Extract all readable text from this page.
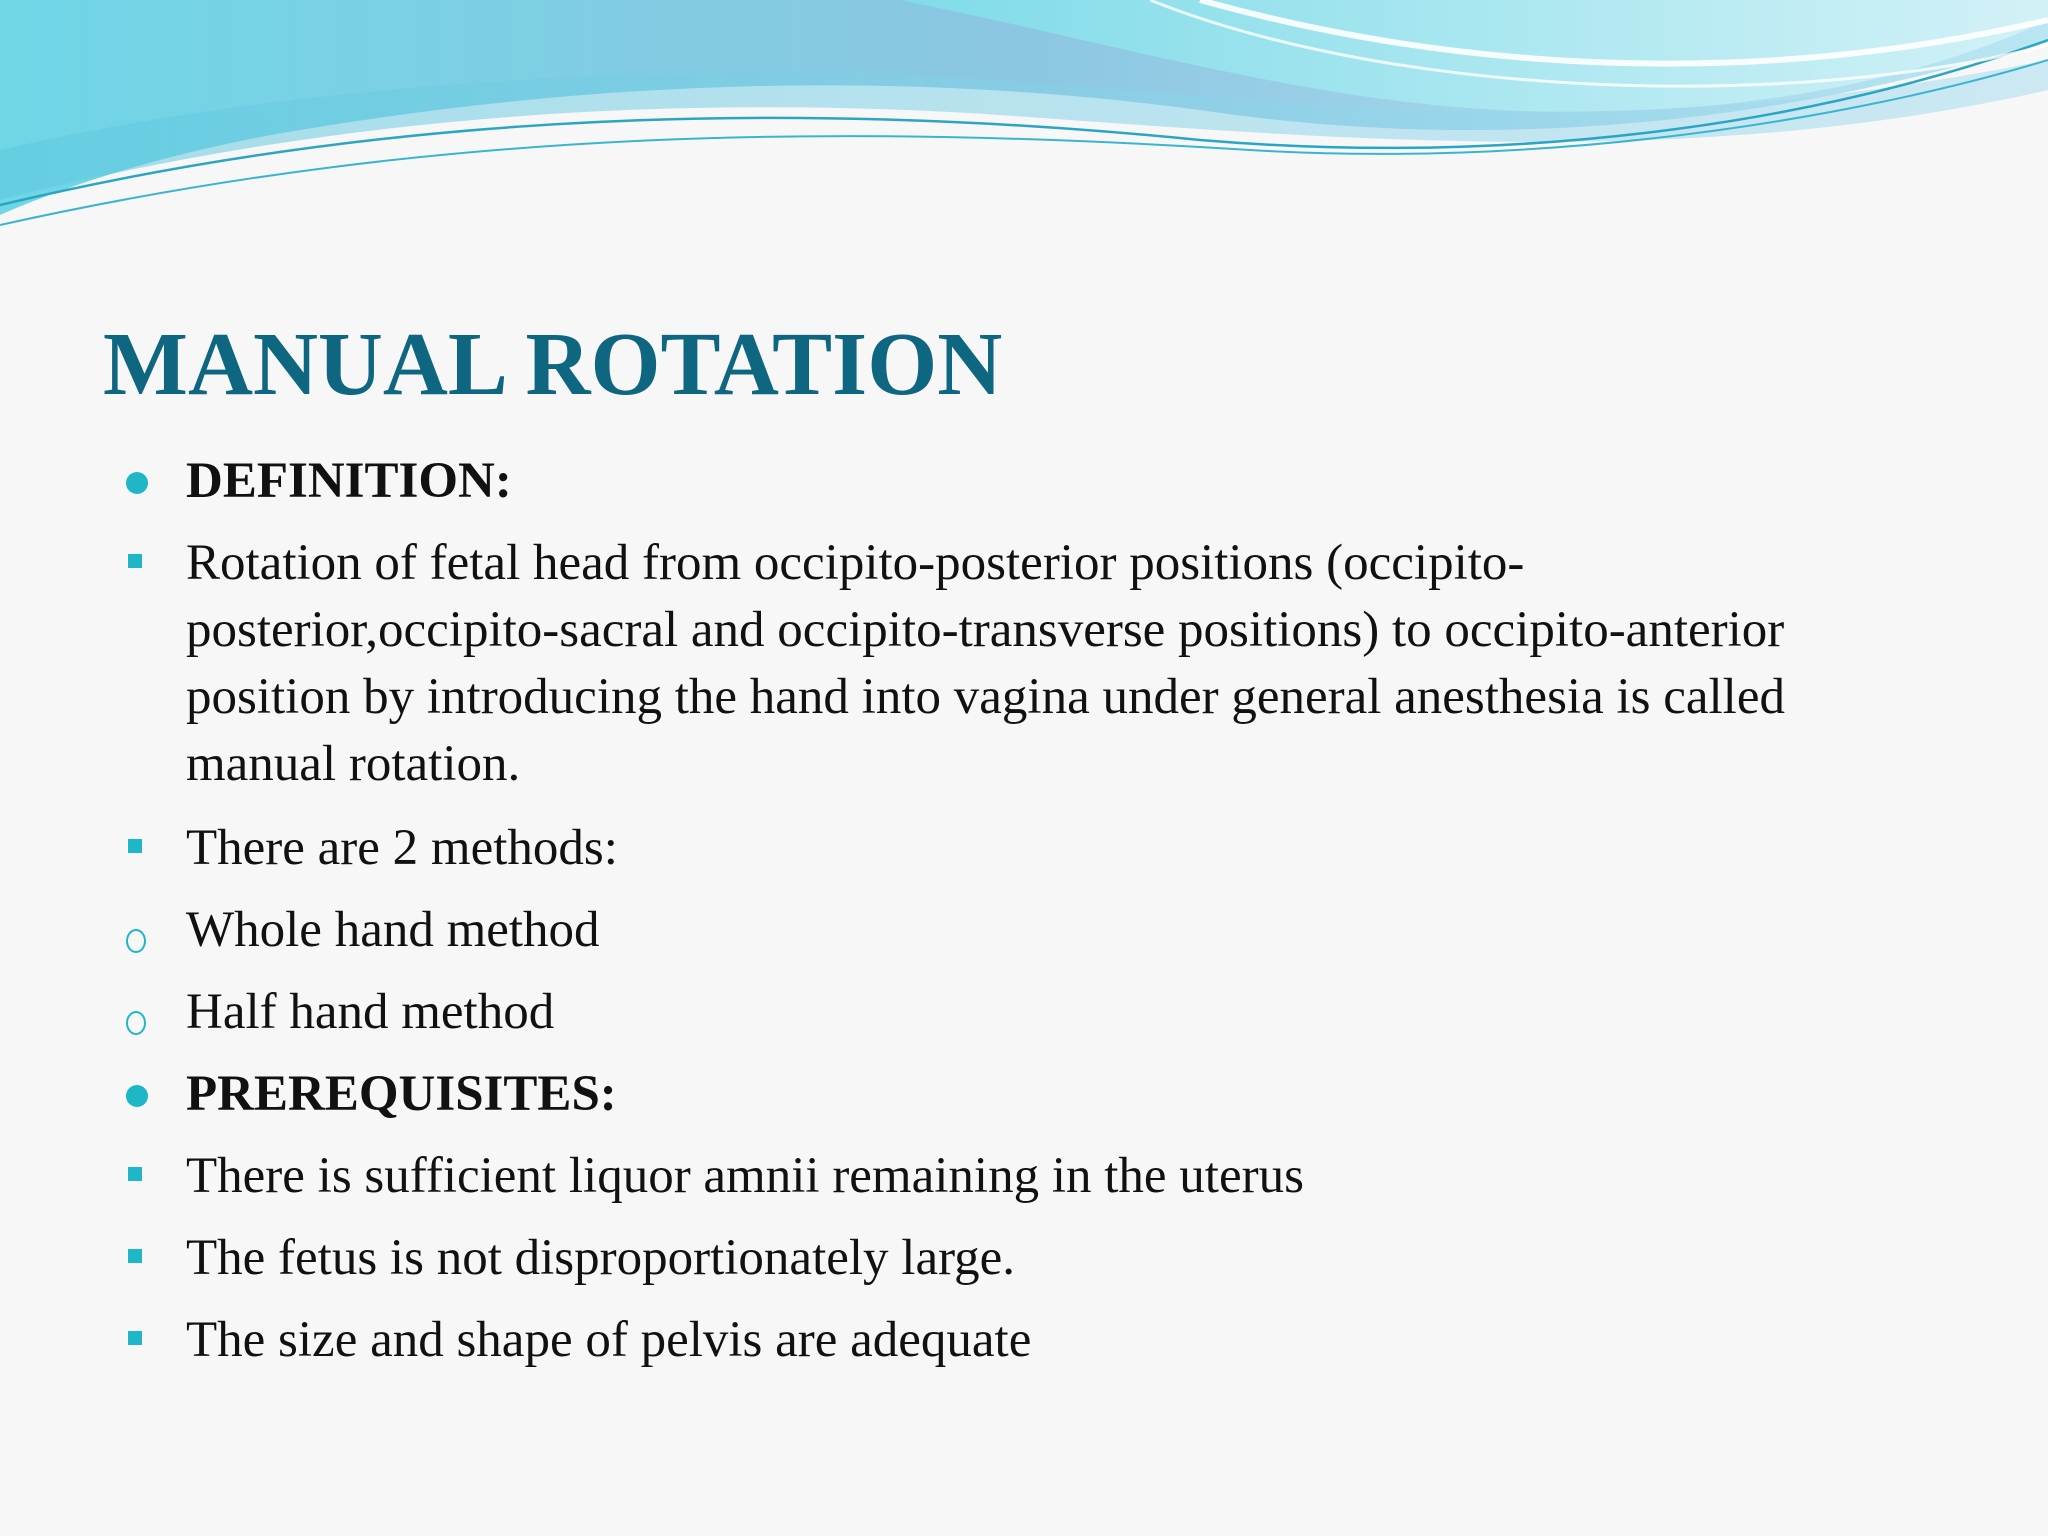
MANUAL ROTATION
DEFINITION:
Rotation of fetal head from occipito-posterior positions (occipito-posterior,occipito-sacral and occipito-transverse positions) to occipito-anterior position by introducing the hand into vagina under general anesthesia is called manual rotation.
There are 2 methods:
Whole hand method
Half hand method
PREREQUISITES:
There is sufficient liquor amnii remaining in the uterus
The fetus is not disproportionately large.
The size and shape of pelvis are adequate
